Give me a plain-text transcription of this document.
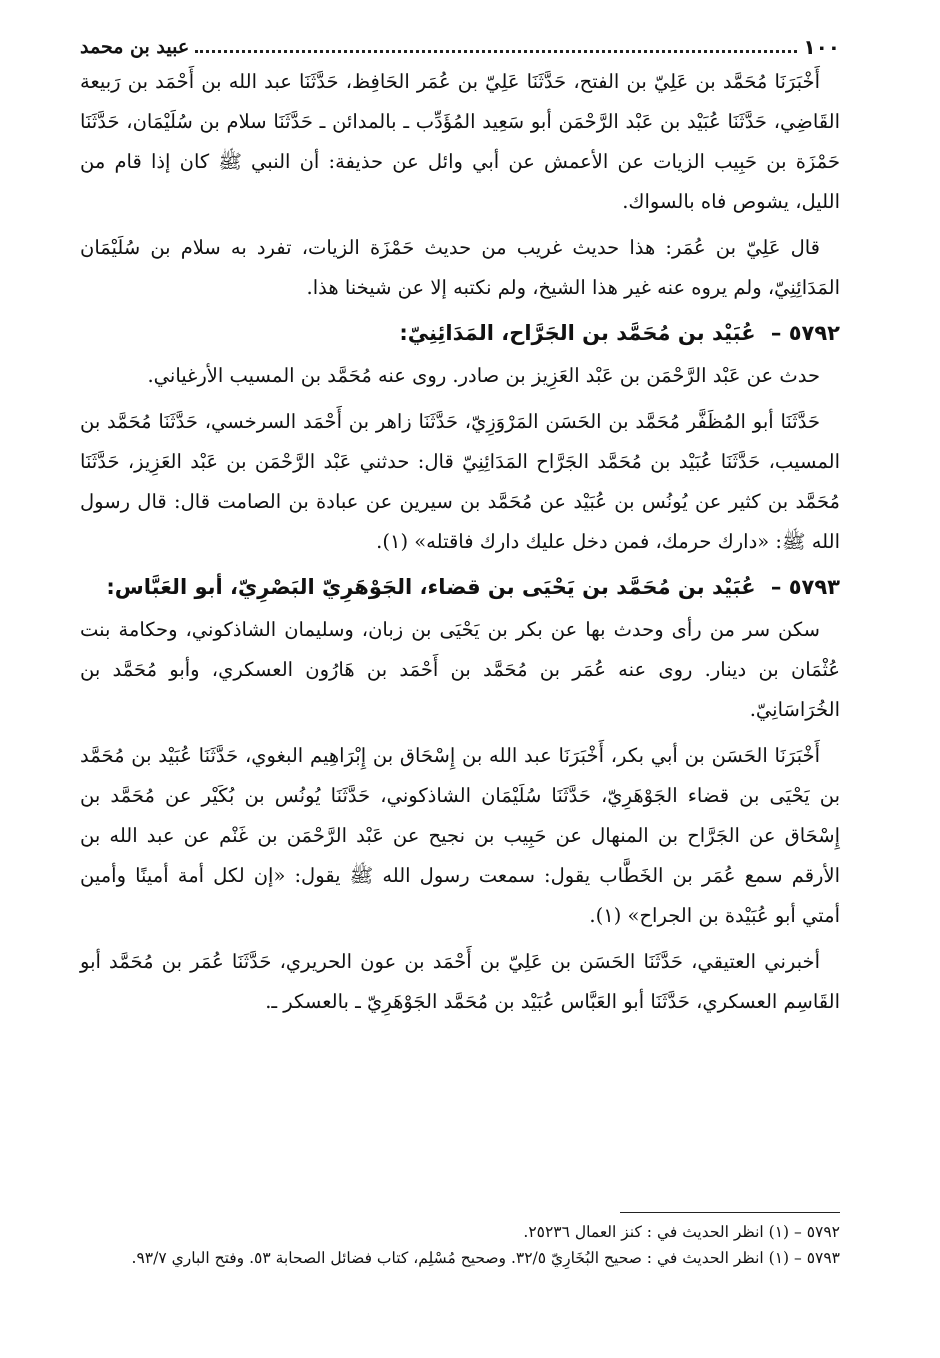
١٠٠
عبيد بن محمد

أَخْبَرَنَا مُحَمَّد بن عَلِيّ بن الفتح، حَدَّثَنَا عَلِيّ بن عُمَر الحَافِظ، حَدَّثَنَا عبد الله بن أَحْمَد بن رَبيعة القَاضِي، حَدَّثَنَا عُبَيْد بن عَبْد الرَّحْمَن أبو سَعِيد المُؤَدِّب ـ بالمدائن ـ حَدَّثَنَا سلام بن سُلَيْمَان، حَدَّثَنَا حَمْزَة بن حَبِيب الزيات عن الأعمش عن أبي وائل عن حذيفة: أن النبي ﷺ كان إذا قام من الليل، يشوص فاه بالسواك.

قال عَلِيّ بن عُمَر: هذا حديث غريب من حديث حَمْزَة الزيات، تفرد به سلام بن سُلَيْمَان المَدَائِنِيّ، ولم يروه عنه غير هذا الشيخ، ولم نكتبه إلا عن شيخنا هذا.

٥٧٩٢ – عُبَيْد بن مُحَمَّد بن الجَرَّاح، المَدَائِنِيّ:

حدث عن عَبْد الرَّحْمَن بن عَبْد العَزِيز بن صادر. روى عنه مُحَمَّد بن المسيب الأرغياني.

حَدَّثَنَا أبو المُظَفَّر مُحَمَّد بن الحَسَن المَرْوَزِيّ، حَدَّثَنَا زاهر بن أَحْمَد السرخسي، حَدَّثَنَا مُحَمَّد بن المسيب، حَدَّثَنَا عُبَيْد بن مُحَمَّد الجَرَّاح المَدَائِنِيّ قال: حدثني عَبْد الرَّحْمَن بن عَبْد العَزِيز، حَدَّثَنَا مُحَمَّد بن كثير عن يُونُس بن عُبَيْد عن مُحَمَّد بن سيرين عن عبادة بن الصامت قال: قال رسول الله ﷺ: «دارك حرمك، فمن دخل عليك دارك فاقتله» (١).

٥٧٩٣ – عُبَيْد بن مُحَمَّد بن يَحْيَى بن قضاء، الجَوْهَرِيّ البَصْرِيّ، أبو العَبَّاس:

سكن سر من رأى وحدث بها عن بكر بن يَحْيَى بن زبان، وسليمان الشاذكوني، وحكامة بنت عُثْمَان بن دينار. روى عنه عُمَر بن مُحَمَّد بن أَحْمَد بن هَارُون العسكري، وأبو مُحَمَّد بن الخُرَاسَانِيّ.

أَخْبَرَنَا الحَسَن بن أبي بكر، أَخْبَرَنَا عبد الله بن إِسْحَاق بن إِبْرَاهِيم البغوي، حَدَّثَنَا عُبَيْد بن مُحَمَّد بن يَحْيَى بن قضاء الجَوْهَرِيّ، حَدَّثَنَا سُلَيْمَان الشاذكوني، حَدَّثَنَا يُونُس بن بُكَيْر عن مُحَمَّد بن إِسْحَاق عن الجَرَّاح بن المنهال عن حَبِيب بن نجيح عن عَبْد الرَّحْمَن بن غَنْم عن عبد الله بن الأرقم سمع عُمَر بن الخَطَّاب يقول: سمعت رسول الله ﷺ يقول: «إن لكل أمة أمينًا وأمين أمتي أبو عُبَيْدة بن الجراح» (١).

أخبرني العتيقي، حَدَّثَنَا الحَسَن بن عَلِيّ بن أَحْمَد بن عون الحريري، حَدَّثَنَا عُمَر بن مُحَمَّد أبو القَاسِم العسكري، حَدَّثَنَا أبو العَبَّاس عُبَيْد بن مُحَمَّد الجَوْهَرِيّ ـ بالعسكر ـ.

٥٧٩٢ – (١) انظر الحديث في : كنز العمال ٢٥٢٣٦.

٥٧٩٣ – (١) انظر الحديث في : صحيح البُخَارِيّ ٣٢/٥. وصحيح مُسْلِم، كتاب فضائل الصحابة ٥٣. وفتح الباري ٩٣/٧.
